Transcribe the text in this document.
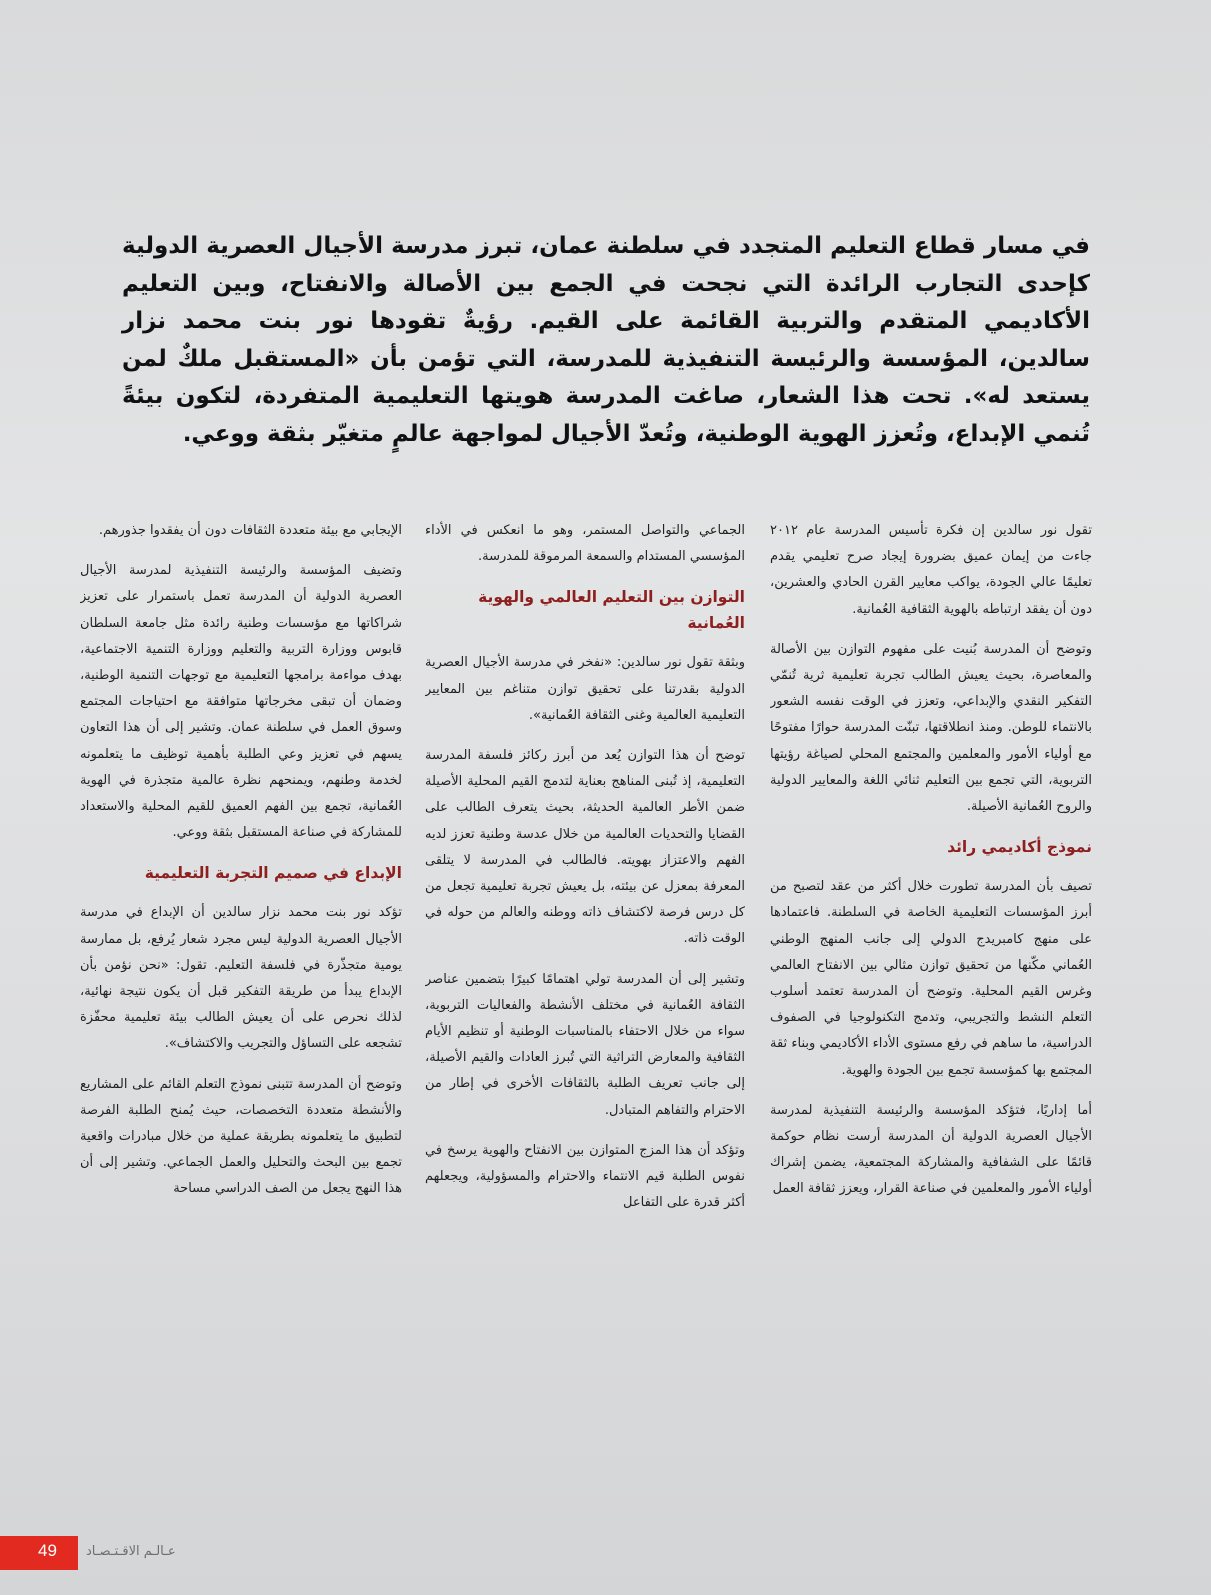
في مسار قطاع التعليم المتجدد في سلطنة عمان، تبرز مدرسة الأجيال العصرية الدولية كإحدى التجارب الرائدة التي نجحت في الجمع بين الأصالة والانفتاح، وبين التعليم الأكاديمي المتقدم والتربية القائمة على القيم. رؤيةٌ تقودها نور بنت محمد نزار سالدين، المؤسسة والرئيسة التنفيذية للمدرسة، التي تؤمن بأن «المستقبل ملكٌ لمن يستعد له». تحت هذا الشعار، صاغت المدرسة هويتها التعليمية المتفردة، لتكون بيئةً تُنمي الإبداع، وتُعزز الهوية الوطنية، وتُعدّ الأجيال لمواجهة عالمٍ متغيّر بثقة ووعي.

تقول نور سالدين إن فكرة تأسيس المدرسة عام ٢٠١٢ جاءت من إيمان عميق بضرورة إيجاد صرح تعليمي يقدم تعليمًا عالي الجودة، يواكب معايير القرن الحادي والعشرين، دون أن يفقد ارتباطه بالهوية الثقافية العُمانية.

وتوضح أن المدرسة بُنيت على مفهوم التوازن بين الأصالة والمعاصرة، بحيث يعيش الطالب تجربة تعليمية ثرية تُنمّي التفكير النقدي والإبداعي، وتعزز في الوقت نفسه الشعور بالانتماء للوطن. ومنذ انطلاقتها، تبنّت المدرسة حوارًا مفتوحًا مع أولياء الأمور والمعلمين والمجتمع المحلي لصياغة رؤيتها التربوية، التي تجمع بين التعليم ثنائي اللغة والمعايير الدولية والروح العُمانية الأصيلة.

نموذج أكاديمي رائد

تصيف بأن المدرسة تطورت خلال أكثر من عقد لتصبح من أبرز المؤسسات التعليمية الخاصة في السلطنة. فاعتمادها على منهج كامبريدج الدولي إلى جانب المنهج الوطني العُماني مكّنها من تحقيق توازن مثالي بين الانفتاح العالمي وغرس القيم المحلية. وتوضح أن المدرسة تعتمد أسلوب التعلم النشط والتجريبي، وتدمج التكنولوجيا في الصفوف الدراسية، ما ساهم في رفع مستوى الأداء الأكاديمي وبناء ثقة المجتمع بها كمؤسسة تجمع بين الجودة والهوية.

أما إداريًا، فتؤكد المؤسسة والرئيسة التنفيذية لمدرسة الأجيال العصرية الدولية أن المدرسة أرست نظام حوكمة قائمًا على الشفافية والمشاركة المجتمعية، يضمن إشراك أولياء الأمور والمعلمين في صناعة القرار، ويعزز ثقافة العمل

الجماعي والتواصل المستمر، وهو ما انعكس في الأداء المؤسسي المستدام والسمعة المرموقة للمدرسة.

التوازن بين التعليم العالمي والهوية العُمانية

وبثقة تقول نور سالدين: «نفخر في مدرسة الأجيال العصرية الدولية بقدرتنا على تحقيق توازن متناغم بين المعايير التعليمية العالمية وغنى الثقافة العُمانية».

توضح أن هذا التوازن يُعد من أبرز ركائز فلسفة المدرسة التعليمية، إذ تُبنى المناهج بعناية لتدمج القيم المحلية الأصيلة ضمن الأطر العالمية الحديثة، بحيث يتعرف الطالب على القضايا والتحديات العالمية من خلال عدسة وطنية تعزز لديه الفهم والاعتزاز بهويته. فالطالب في المدرسة لا يتلقى المعرفة بمعزل عن بيئته، بل يعيش تجربة تعليمية تجعل من كل درس فرصة لاكتشاف ذاته ووطنه والعالم من حوله في الوقت ذاته.

وتشير إلى أن المدرسة تولي اهتمامًا كبيرًا بتضمين عناصر الثقافة العُمانية في مختلف الأنشطة والفعاليات التربوية، سواء من خلال الاحتفاء بالمناسبات الوطنية أو تنظيم الأيام الثقافية والمعارض التراثية التي تُبرز العادات والقيم الأصيلة، إلى جانب تعريف الطلبة بالثقافات الأخرى في إطار من الاحترام والتفاهم المتبادل.

وتؤكد أن هذا المزج المتوازن بين الانفتاح والهوية يرسخ في نفوس الطلبة قيم الانتماء والاحترام والمسؤولية، ويجعلهم أكثر قدرة على التفاعل

الإيجابي مع بيئة متعددة الثقافات دون أن يفقدوا جذورهم.

وتضيف المؤسسة والرئيسة التنفيذية لمدرسة الأجيال العصرية الدولية أن المدرسة تعمل باستمرار على تعزيز شراكاتها مع مؤسسات وطنية رائدة مثل جامعة السلطان قابوس ووزارة التربية والتعليم ووزارة التنمية الاجتماعية، بهدف مواءمة برامجها التعليمية مع توجهات التنمية الوطنية، وضمان أن تبقى مخرجاتها متوافقة مع احتياجات المجتمع وسوق العمل في سلطنة عمان. وتشير إلى أن هذا التعاون يسهم في تعزيز وعي الطلبة بأهمية توظيف ما يتعلمونه لخدمة وطنهم، ويمنحهم نظرة عالمية متجذرة في الهوية العُمانية، تجمع بين الفهم العميق للقيم المحلية والاستعداد للمشاركة في صناعة المستقبل بثقة ووعي.

الإبداع في صميم التجربة التعليمية

تؤكد نور بنت محمد نزار سالدين أن الإبداع في مدرسة الأجيال العصرية الدولية ليس مجرد شعار يُرفع، بل ممارسة يومية متجذّرة في فلسفة التعليم. تقول: «نحن نؤمن بأن الإبداع يبدأ من طريقة التفكير قبل أن يكون نتيجة نهائية، لذلك نحرص على أن يعيش الطالب بيئة تعليمية محفّزة تشجعه على التساؤل والتجريب والاكتشاف».

وتوضح أن المدرسة تتبنى نموذج التعلم القائم على المشاريع والأنشطة متعددة التخصصات، حيث يُمنح الطلبة الفرصة لتطبيق ما يتعلمونه بطريقة عملية من خلال مبادرات واقعية تجمع بين البحث والتحليل والعمل الجماعي. وتشير إلى أن هذا النهج يجعل من الصف الدراسي مساحة

49 عـالـم الاقـتـصـاد
